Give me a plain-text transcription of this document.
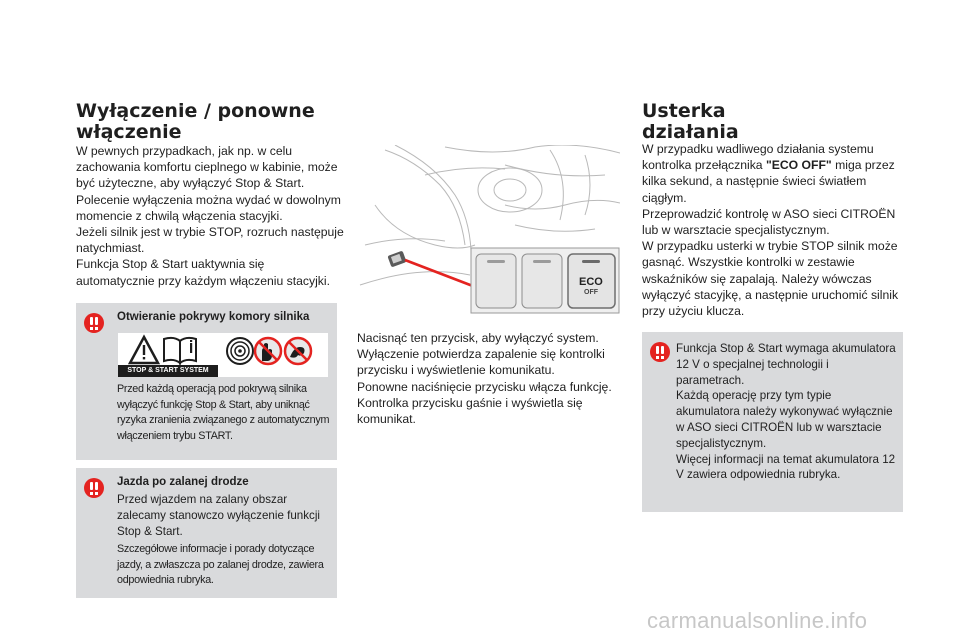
Wyłączenie / ponowne
włączenie

W pewnych przypadkach, jak np. w celu zachowania komfortu cieplnego w kabinie, może być użyteczne, aby wyłączyć Stop & Start.

Polecenie wyłączenia można wydać w dowolnym momencie z chwilą włączenia stacyjki.

Jeżeli silnik jest w trybie STOP, rozruch następuje natychmiast.

Funkcja Stop & Start uaktywnia się automatycznie przy każdym włączeniu stacyjki.

Otwieranie pokrywy komory silnika
STOP & START SYSTEM
Przed każdą operacją pod pokrywą silnika wyłączyć funkcję Stop & Start, aby uniknąć ryzyka zranienia związanego z automatycznym włączeniem trybu START.
Jazda po zalanej drodze

Przed wjazdem na zalany obszar zalecamy stanowczo wyłączenie funkcji Stop & Start.

Szczegółowe informacje i porady dotyczące jazdy, a zwłaszcza po zalanej drodze, zawiera odpowiednia rubryka.

ECO
OFF

Nacisnąć ten przycisk, aby wyłączyć system.

Wyłączenie potwierdza zapalenie się kontrolki przycisku i wyświetlenie komunikatu.

Ponowne naciśnięcie przycisku włącza funkcję.

Kontrolka przycisku gaśnie i wyświetla się komunikat.

Usterka
działania

W przypadku wadliwego działania systemu kontrolka przełącznika "ECO OFF" miga przez kilka sekund, a następnie świeci światłem ciągłym.

Przeprowadzić kontrolę w ASO sieci CITROËN lub w warsztacie specjalistycznym.

W przypadku usterki w trybie STOP silnik może gasnąć. Wszystkie kontrolki w zestawie wskaźników się zapalają. Należy wówczas wyłączyć stacyjkę, a następnie uruchomić silnik przy użyciu klucza.

Funkcja Stop & Start wymaga akumulatora 12 V o specjalnej technologii i parametrach.

Każdą operację przy tym typie akumulatora należy wykonywać wyłącznie w ASO sieci CITROËN lub w warsztacie specjalistycznym.

Więcej informacji na temat akumulatora 12 V zawiera odpowiednia rubryka.

carmanualsonline.info
